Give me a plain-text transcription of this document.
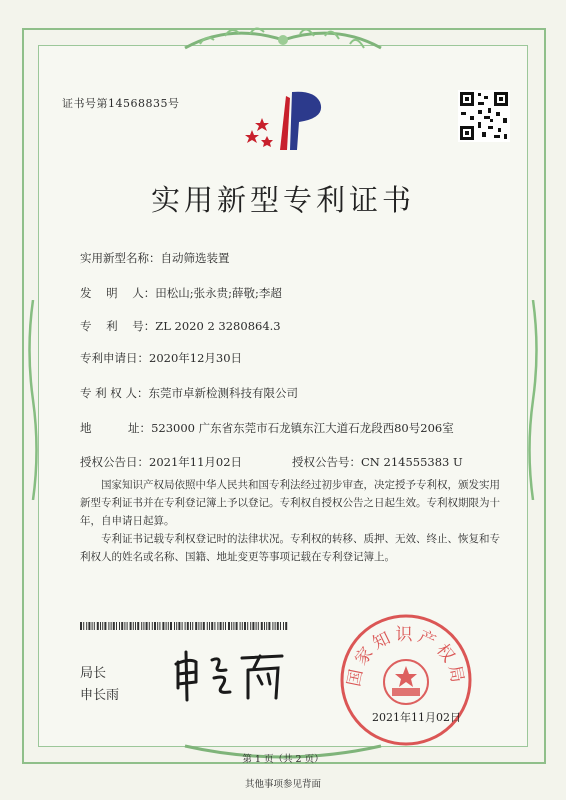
证书号第14568835号
实用新型专利证书
实用新型名称：自动筛选装置
发    明    人：田松山;张永贵;薛敬;李超
专    利    号：ZL 2020 2 3280864.3
专利申请日：2020年12月30日
专 利 权 人：东莞市卓新检测科技有限公司
地          址：523000 广东省东莞市石龙镇东江大道石龙段西80号206室
授权公告日：2021年11月02日	授权公告号：CN 214555383 U
国家知识产权局依照中华人民共和国专利法经过初步审查，决定授予专利权，颁发实用新型专利证书并在专利登记簿上予以登记。专利权自授权公告之日起生效。专利权期限为十年，自申请日起算。
专利证书记载专利权登记时的法律状况。专利权的转移、质押、无效、终止、恢复和专利权人的姓名或名称、国籍、地址变更等事项记载在专利登记簿上。
局长
申长雨
国家知识产权局
2021年11月02日
第 1 页（共 2 页）
其他事项参见背面
